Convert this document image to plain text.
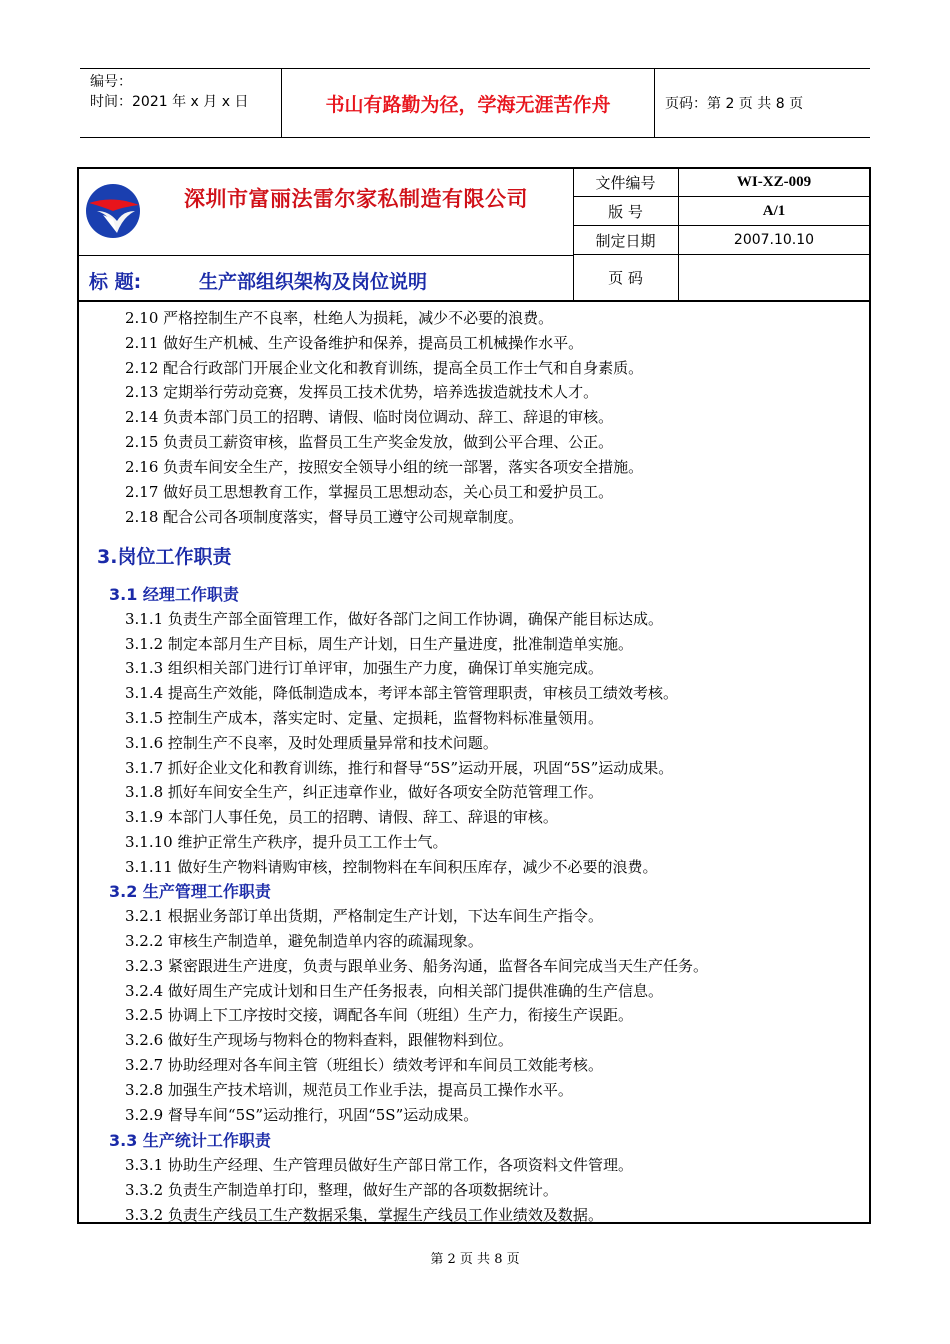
编号：
时间：2021 年 x 月 x 日	书山有路勤为径，学海无涯苦作舟	页码：第 2 页 共 8 页
深圳市富丽法雷尔家私制造有限公司
标 题:	生产部组织架构及岗位说明
文件编号	WI-XZ-009
版 号	A/1
制定日期	2007.10.10
页 码
2.10 严格控制生产不良率，杜绝人为损耗，减少不必要的浪费。
2.11 做好生产机械、生产设备维护和保养，提高员工机械操作水平。
2.12 配合行政部门开展企业文化和教育训练，提高全员工作士气和自身素质。
2.13 定期举行劳动竞赛，发挥员工技术优势，培养选拔造就技术人才。
2.14 负责本部门员工的招聘、请假、临时岗位调动、辞工、辞退的审核。
2.15 负责员工薪资审核，监督员工生产奖金发放，做到公平合理、公正。
2.16 负责车间安全生产，按照安全领导小组的统一部署，落实各项安全措施。
2.17 做好员工思想教育工作，掌握员工思想动态，关心员工和爱护员工。
2.18 配合公司各项制度落实，督导员工遵守公司规章制度。
3.岗位工作职责
3.1 经理工作职责
3.1.1 负责生产部全面管理工作，做好各部门之间工作协调，确保产能目标达成。
3.1.2 制定本部月生产目标，周生产计划，日生产量进度，批准制造单实施。
3.1.3 组织相关部门进行订单评审，加强生产力度，确保订单实施完成。
3.1.4 提高生产效能，降低制造成本，考评本部主管管理职责，审核员工绩效考核。
3.1.5 控制生产成本，落实定时、定量、定损耗，监督物料标准量领用。
3.1.6 控制生产不良率，及时处理质量异常和技术问题。
3.1.7 抓好企业文化和教育训练，推行和督导“5S”运动开展，巩固“5S”运动成果。
3.1.8 抓好车间安全生产，纠正违章作业，做好各项安全防范管理工作。
3.1.9 本部门人事任免，员工的招聘、请假、辞工、辞退的审核。
3.1.10 维护正常生产秩序，提升员工工作士气。
3.1.11 做好生产物料请购审核，控制物料在车间积压库存，减少不必要的浪费。
3.2 生产管理工作职责
3.2.1 根据业务部订单出货期，严格制定生产计划，下达车间生产指令。
3.2.2 审核生产制造单，避免制造单内容的疏漏现象。
3.2.3 紧密跟进生产进度，负责与跟单业务、船务沟通，监督各车间完成当天生产任务。
3.2.4 做好周生产完成计划和日生产任务报表，向相关部门提供准确的生产信息。
3.2.5 协调上下工序按时交接，调配各车间（班组）生产力，衔接生产误距。
3.2.6 做好生产现场与物料仓的物料查料，跟催物料到位。
3.2.7 协助经理对各车间主管（班组长）绩效考评和车间员工效能考核。
3.2.8 加强生产技术培训，规范员工作业手法，提高员工操作水平。
3.2.9 督导车间“5S”运动推行，巩固“5S”运动成果。
3.3 生产统计工作职责
3.3.1 协助生产经理、生产管理员做好生产部日常工作，各项资料文件管理。
3.3.2 负责生产制造单打印，整理，做好生产部的各项数据统计。
3.3.2 负责生产线员工生产数据采集，掌握生产线员工作业绩效及数据。
第 2 页 共 8 页
